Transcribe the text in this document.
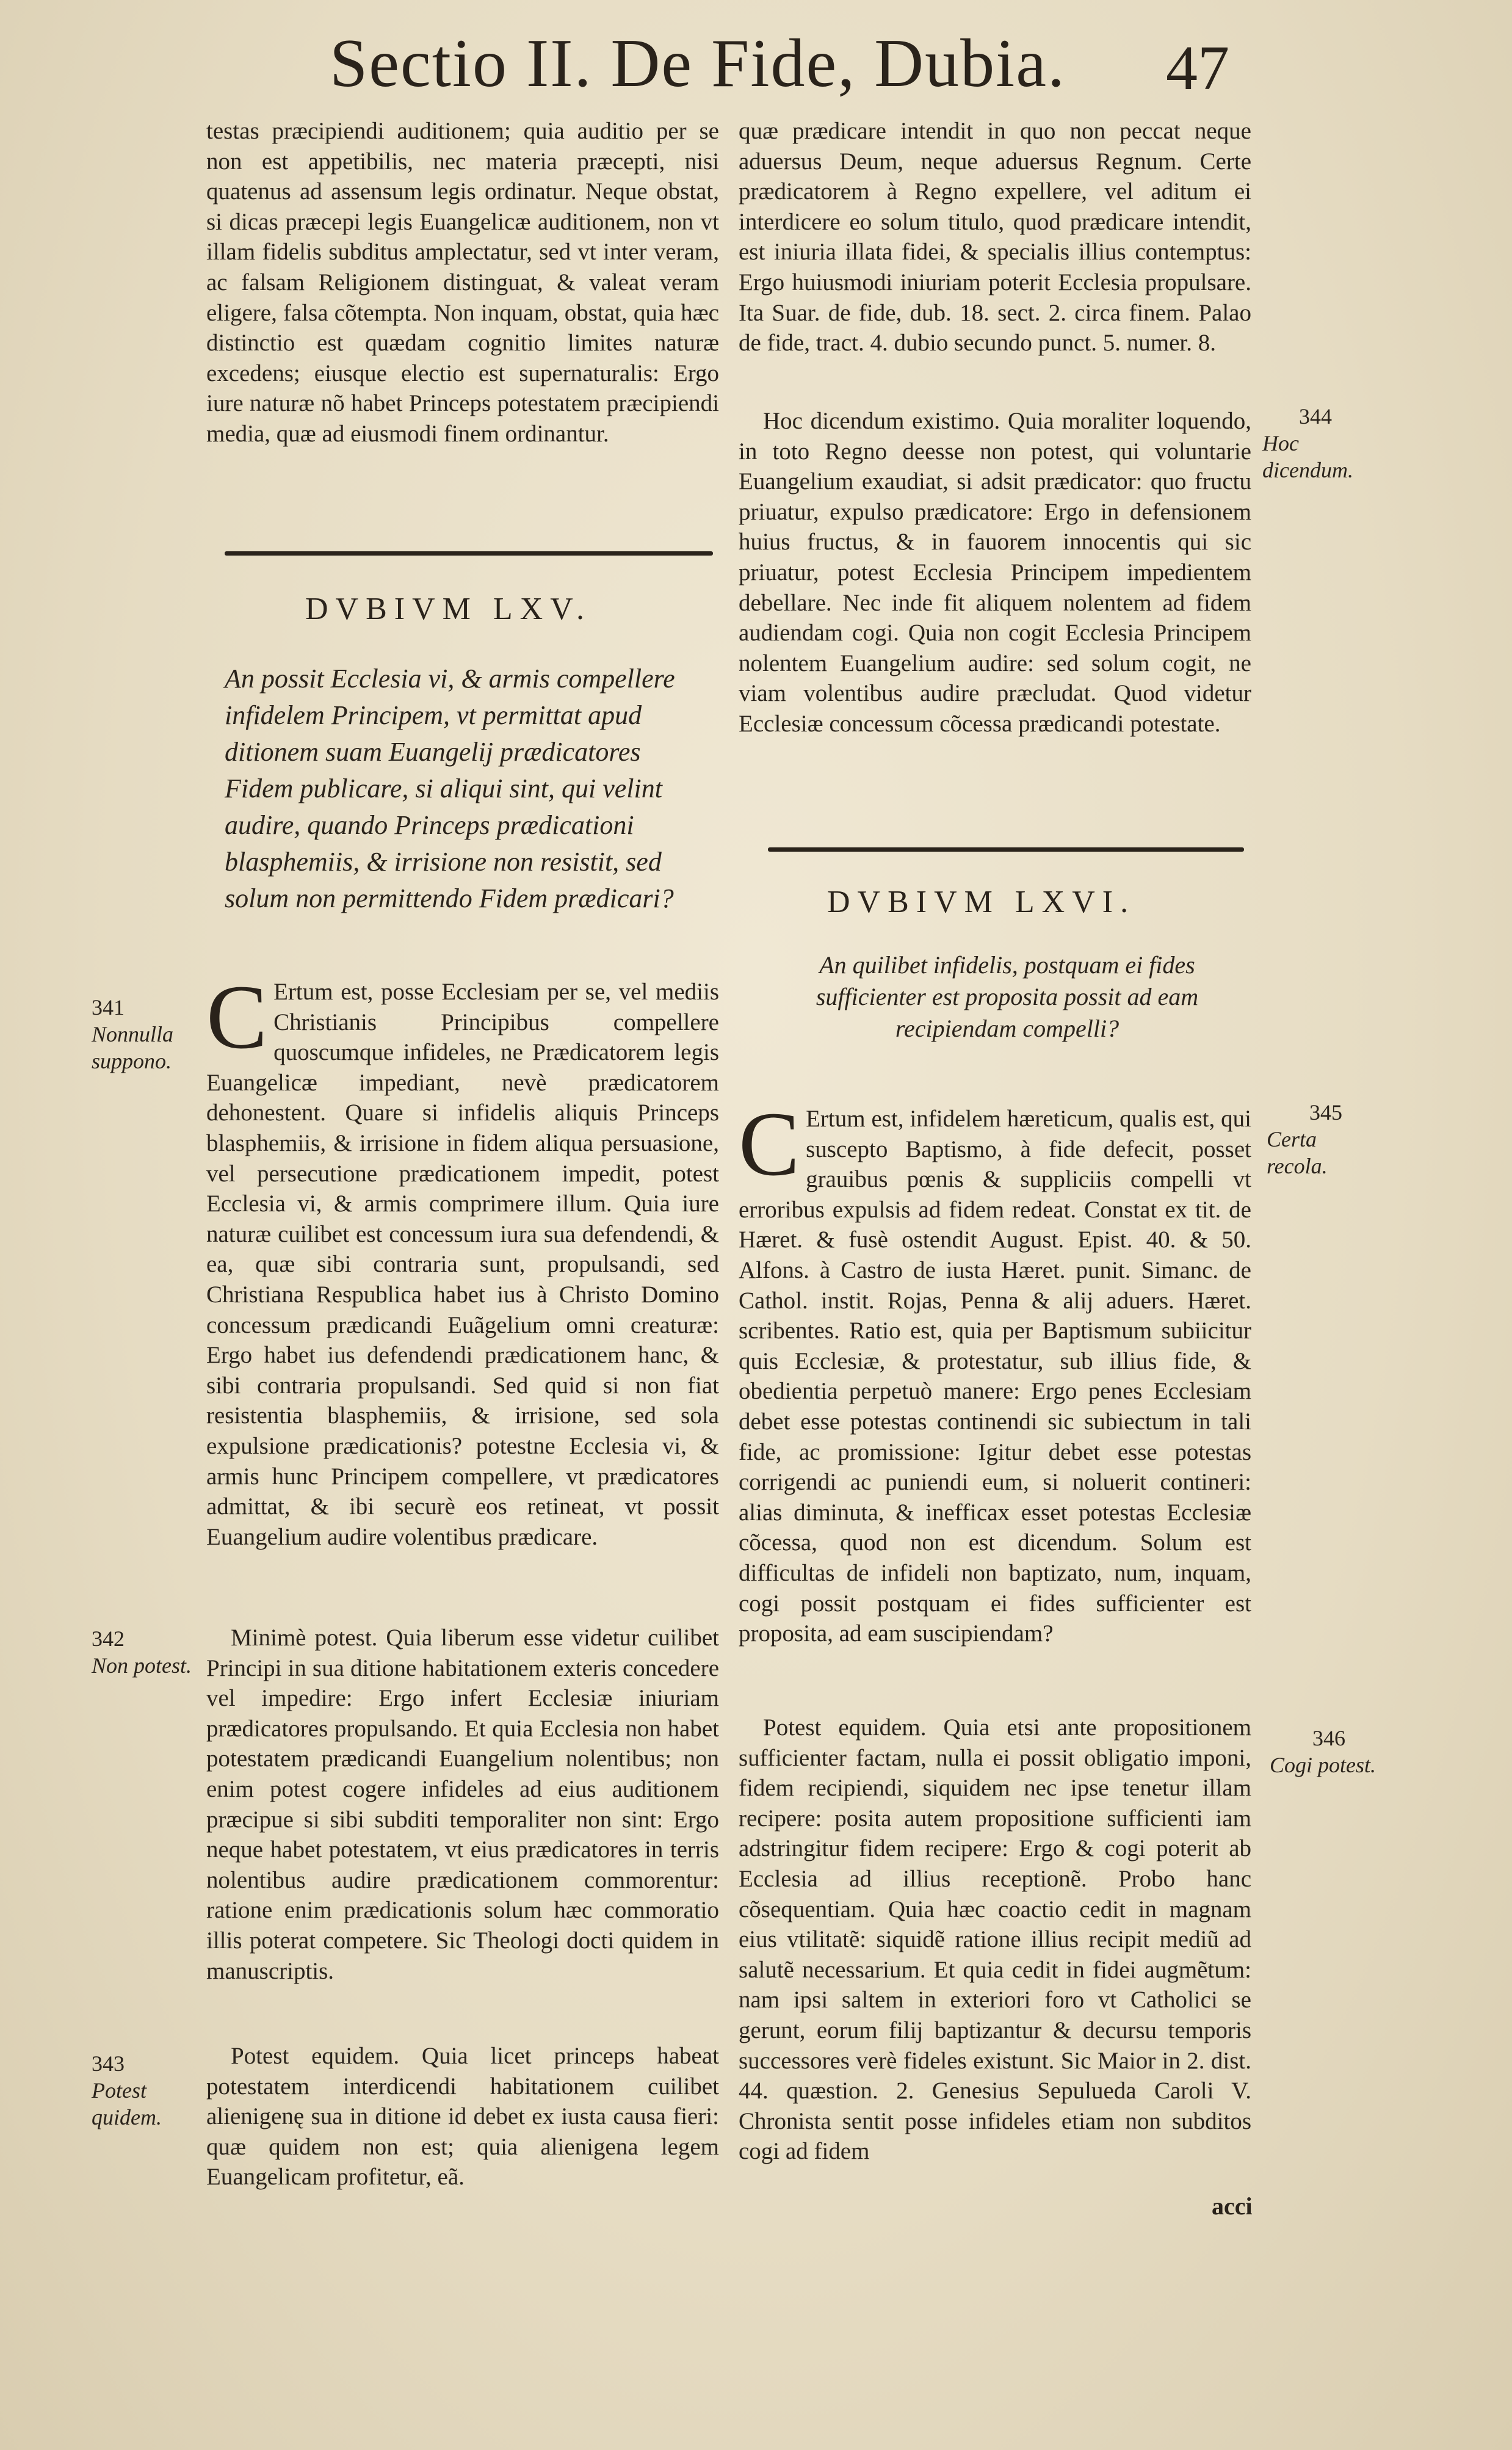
Sectio II. De Fide, Dubia. 47

testas præcipiendi auditionem; quia auditio per se non est appetibilis, nec materia præcepti, nisi quatenus ad assensum legis ordinatur. Neque obstat, si dicas præcepi legis Euangelicæ auditionem, non vt illam fidelis subditus amplectatur, sed vt inter veram, ac falsam Religionem distinguat, & valeat veram eligere, falsa cõtempta. Non inquam, obstat, quia hæc distinctio est quædam cognitio limites naturæ excedens; eiusque electio est supernaturalis: Ergo iure naturæ nõ habet Princeps potestatem præcipiendi media, quæ ad eiusmodi finem ordinantur.

DVBIVM LXV.
An possit Ecclesia vi, & armis compellere infidelem Principem, vt permittat apud ditionem suam Euangelij prædicatores Fidem publicare, si aliqui sint, qui velint audire, quando Princeps prædicationi blasphemiis, & irrisione non resistit, sed solum non permittendo Fidem prædicari?

C Ertum est, posse Ecclesiam per se, vel mediis Christianis Principibus compellere quoscumque infideles, ne Prædicatorem legis Euangelicæ impediant, nevè prædicatorem dehonestent. Quare si infidelis aliquis Princeps blasphemiis, & irrisione in fidem aliqua persuasione, vel persecutione prædicationem impedit, potest Ecclesia vi, & armis comprimere illum. Quia iure naturæ cuilibet est concessum iura sua defendendi, & ea, quæ sibi contraria sunt, propulsandi, sed Christiana Respublica habet ius à Christo Domino concessum prædicandi Euãgelium omni creaturæ: Ergo habet ius defendendi prædicationem hanc, & sibi contraria propulsandi. Sed quid si non fiat resistentia blasphemiis, & irrisione, sed sola expulsione prædicationis? potestne Ecclesia vi, & armis hunc Principem compellere, vt prædicatores admittat, & ibi securè eos retineat, vt possit Euangelium audire volentibus prædicare.

Minimè potest. Quia liberum esse videtur cuilibet Principi in sua ditione habitationem exteris concedere vel impedire: Ergo infert Ecclesiæ iniuriam prædicatores propulsando. Et quia Ecclesia non habet potestatem prædicandi Euangelium nolentibus; non enim potest cogere infideles ad eius auditionem præcipue si sibi subditi temporaliter non sint: Ergo neque habet potestatem, vt eius prædicatores in terris nolentibus audire prædicationem commorentur: ratione enim prædicationis solum hæc commoratio illis poterat competere. Sic Theologi docti quidem in manuscriptis.

Potest equidem. Quia licet princeps habeat potestatem interdicendi habitationem cuilibet alienigenę sua in ditione id debet ex iusta causa fieri: quæ quidem non est; quia alienigena legem Euangelicam profitetur, eã.

341
Nonnulla suppono.
342
Non potest.
343
Potest quidem.

quæ prædicare intendit in quo non peccat neque aduersus Deum, neque aduersus Regnum. Certe prædicatorem à Regno expellere, vel aditum ei interdicere eo solum titulo, quod prædicare intendit, est iniuria illata fidei, & specialis illius contemptus: Ergo huiusmodi iniuriam poterit Ecclesia propulsare. Ita Suar. de fide, dub. 18. sect. 2. circa finem. Palao de fide, tract. 4. dubio secundo punct. 5. numer. 8.

Hoc dicendum existimo. Quia moraliter loquendo, in toto Regno deesse non potest, qui voluntarie Euangelium exaudiat, si adsit prædicator: quo fructu priuatur, expulso prædicatore: Ergo in defensionem huius fructus, & in fauorem innocentis qui sic priuatur, potest Ecclesia Principem impedientem debellare. Nec inde fit aliquem nolentem ad fidem audiendam cogi. Quia non cogit Ecclesia Principem nolentem Euangelium audire: sed solum cogit, ne viam volentibus audire præcludat. Quod videtur Ecclesiæ concessum cõcessa prædicandi potestate.

DVBIVM LXVI.
An quilibet infidelis, postquam ei fides sufficienter est proposita possit ad eam recipiendam compelli?

C Ertum est, infidelem hæreticum, qualis est, qui suscepto Baptismo, à fide defecit, posset grauibus pœnis & suppliciis compelli vt erroribus expulsis ad fidem redeat. Constat ex tit. de Hæret. & fusè ostendit August. Epist. 40. & 50. Alfons. à Castro de iusta Hæret. punit. Simanc. de Cathol. instit. Rojas, Penna & alij aduers. Hæret. scribentes. Ratio est, quia per Baptismum subiicitur quis Ecclesiæ, & protestatur, sub illius fide, & obedientia perpetuò manere: Ergo penes Ecclesiam debet esse potestas continendi sic subiectum in tali fide, ac promissione: Igitur debet esse potestas corrigendi ac puniendi eum, si noluerit contineri: alias diminuta, & inefficax esset potestas Ecclesiæ cõcessa, quod non est dicendum. Solum est difficultas de infideli non baptizato, num, inquam, cogi possit postquam ei fides sufficienter est proposita, ad eam suscipiendam?

Potest equidem. Quia etsi ante propositionem sufficienter factam, nulla ei possit obligatio imponi, fidem recipiendi, siquidem nec ipse tenetur illam recipere: posita autem propositione sufficienti iam adstringitur fidem recipere: Ergo & cogi poterit ab Ecclesia ad illius receptionẽ. Probo hanc cõsequentiam. Quia hæc coactio cedit in magnam eius vtilitatẽ: siquidẽ ratione illius recipit mediũ ad salutẽ necessarium. Et quia cedit in fidei augmẽtum: nam ipsi saltem in exteriori foro vt Catholici se gerunt, eorum filij baptizantur & decursu temporis successores verè fideles existunt. Sic Maior in 2. dist. 44. quæstion. 2. Genesius Sepulueda Caroli V. Chronista sentit posse infideles etiam non subditos cogi ad fidem

acci
344
Hoc dicendum.
345
Certa recola.
346
Cogi potest.
